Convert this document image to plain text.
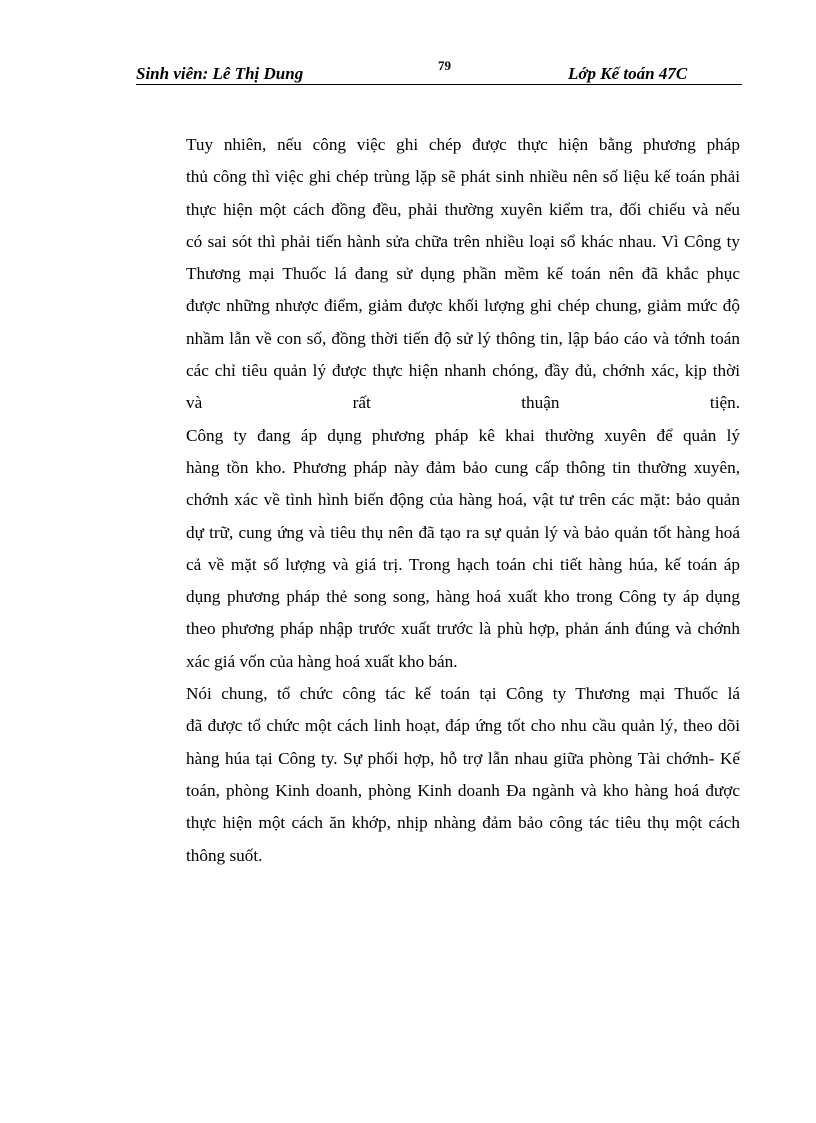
Sinh viên: Lê Thị Dung	79	Lớp Kế toán 47C
Tuy nhiên, nếu công việc ghi chép được thực hiện bằng phương pháp
thủ công thì việc ghi chép trùng lặp sẽ phát sinh nhiều nên số liệu kế toán phải
thực hiện một cách đồng đều, phải thường xuyên kiểm tra, đối chiếu và nếu
có sai sót thì phải tiến hành sửa chữa trên nhiều loại sổ khác nhau. Vì Công ty
Thương mại Thuốc lá đang sử dụng phần mềm kế toán nên đã khắc phục
được những nhược điểm, giảm được khối lượng ghi chép chung, giảm mức độ
nhầm lẫn về con số, đồng thời tiến độ sử lý thông tin, lập báo cáo và tớnh toán
các chỉ tiêu quản lý được thực hiện nhanh chóng, đầy đủ, chớnh xác, kịp thời
và rất thuận tiện.
Công ty đang áp dụng phương pháp kê khai thường xuyên để quản lý
hàng tồn kho. Phương pháp này đảm bảo cung cấp thông tin thường xuyên,
chớnh xác về tình hình biến động của hàng hoá, vật tư trên các mặt: bảo quản
dự trữ, cung ứng và tiêu thụ nên đã tạo ra sự quản lý và bảo quản tốt hàng hoá
cả về mặt số lượng và giá trị. Trong hạch toán chi tiết hàng húa, kế toán áp
dụng phương pháp thẻ song song, hàng hoá xuất kho trong Công ty áp dụng
theo phương pháp nhập trước xuất trước là phù hợp, phản ánh đúng và chớnh
xác giá vốn của hàng hoá xuất kho bán.
Nói chung, tổ chức công tác kế toán tại Công ty Thương mại Thuốc lá
đã được tổ chức một cách linh hoạt, đáp ứng tốt cho nhu cầu quản lý, theo dõi
hàng húa tại Công ty. Sự phối hợp, hỗ trợ lẫn nhau giữa phòng Tài chớnh- Kế
toán, phòng Kinh doanh, phòng Kinh doanh Đa ngành và kho hàng hoá được
thực hiện một cách ăn khớp, nhịp nhàng đảm bảo công tác tiêu thụ một cách
thông suốt.
